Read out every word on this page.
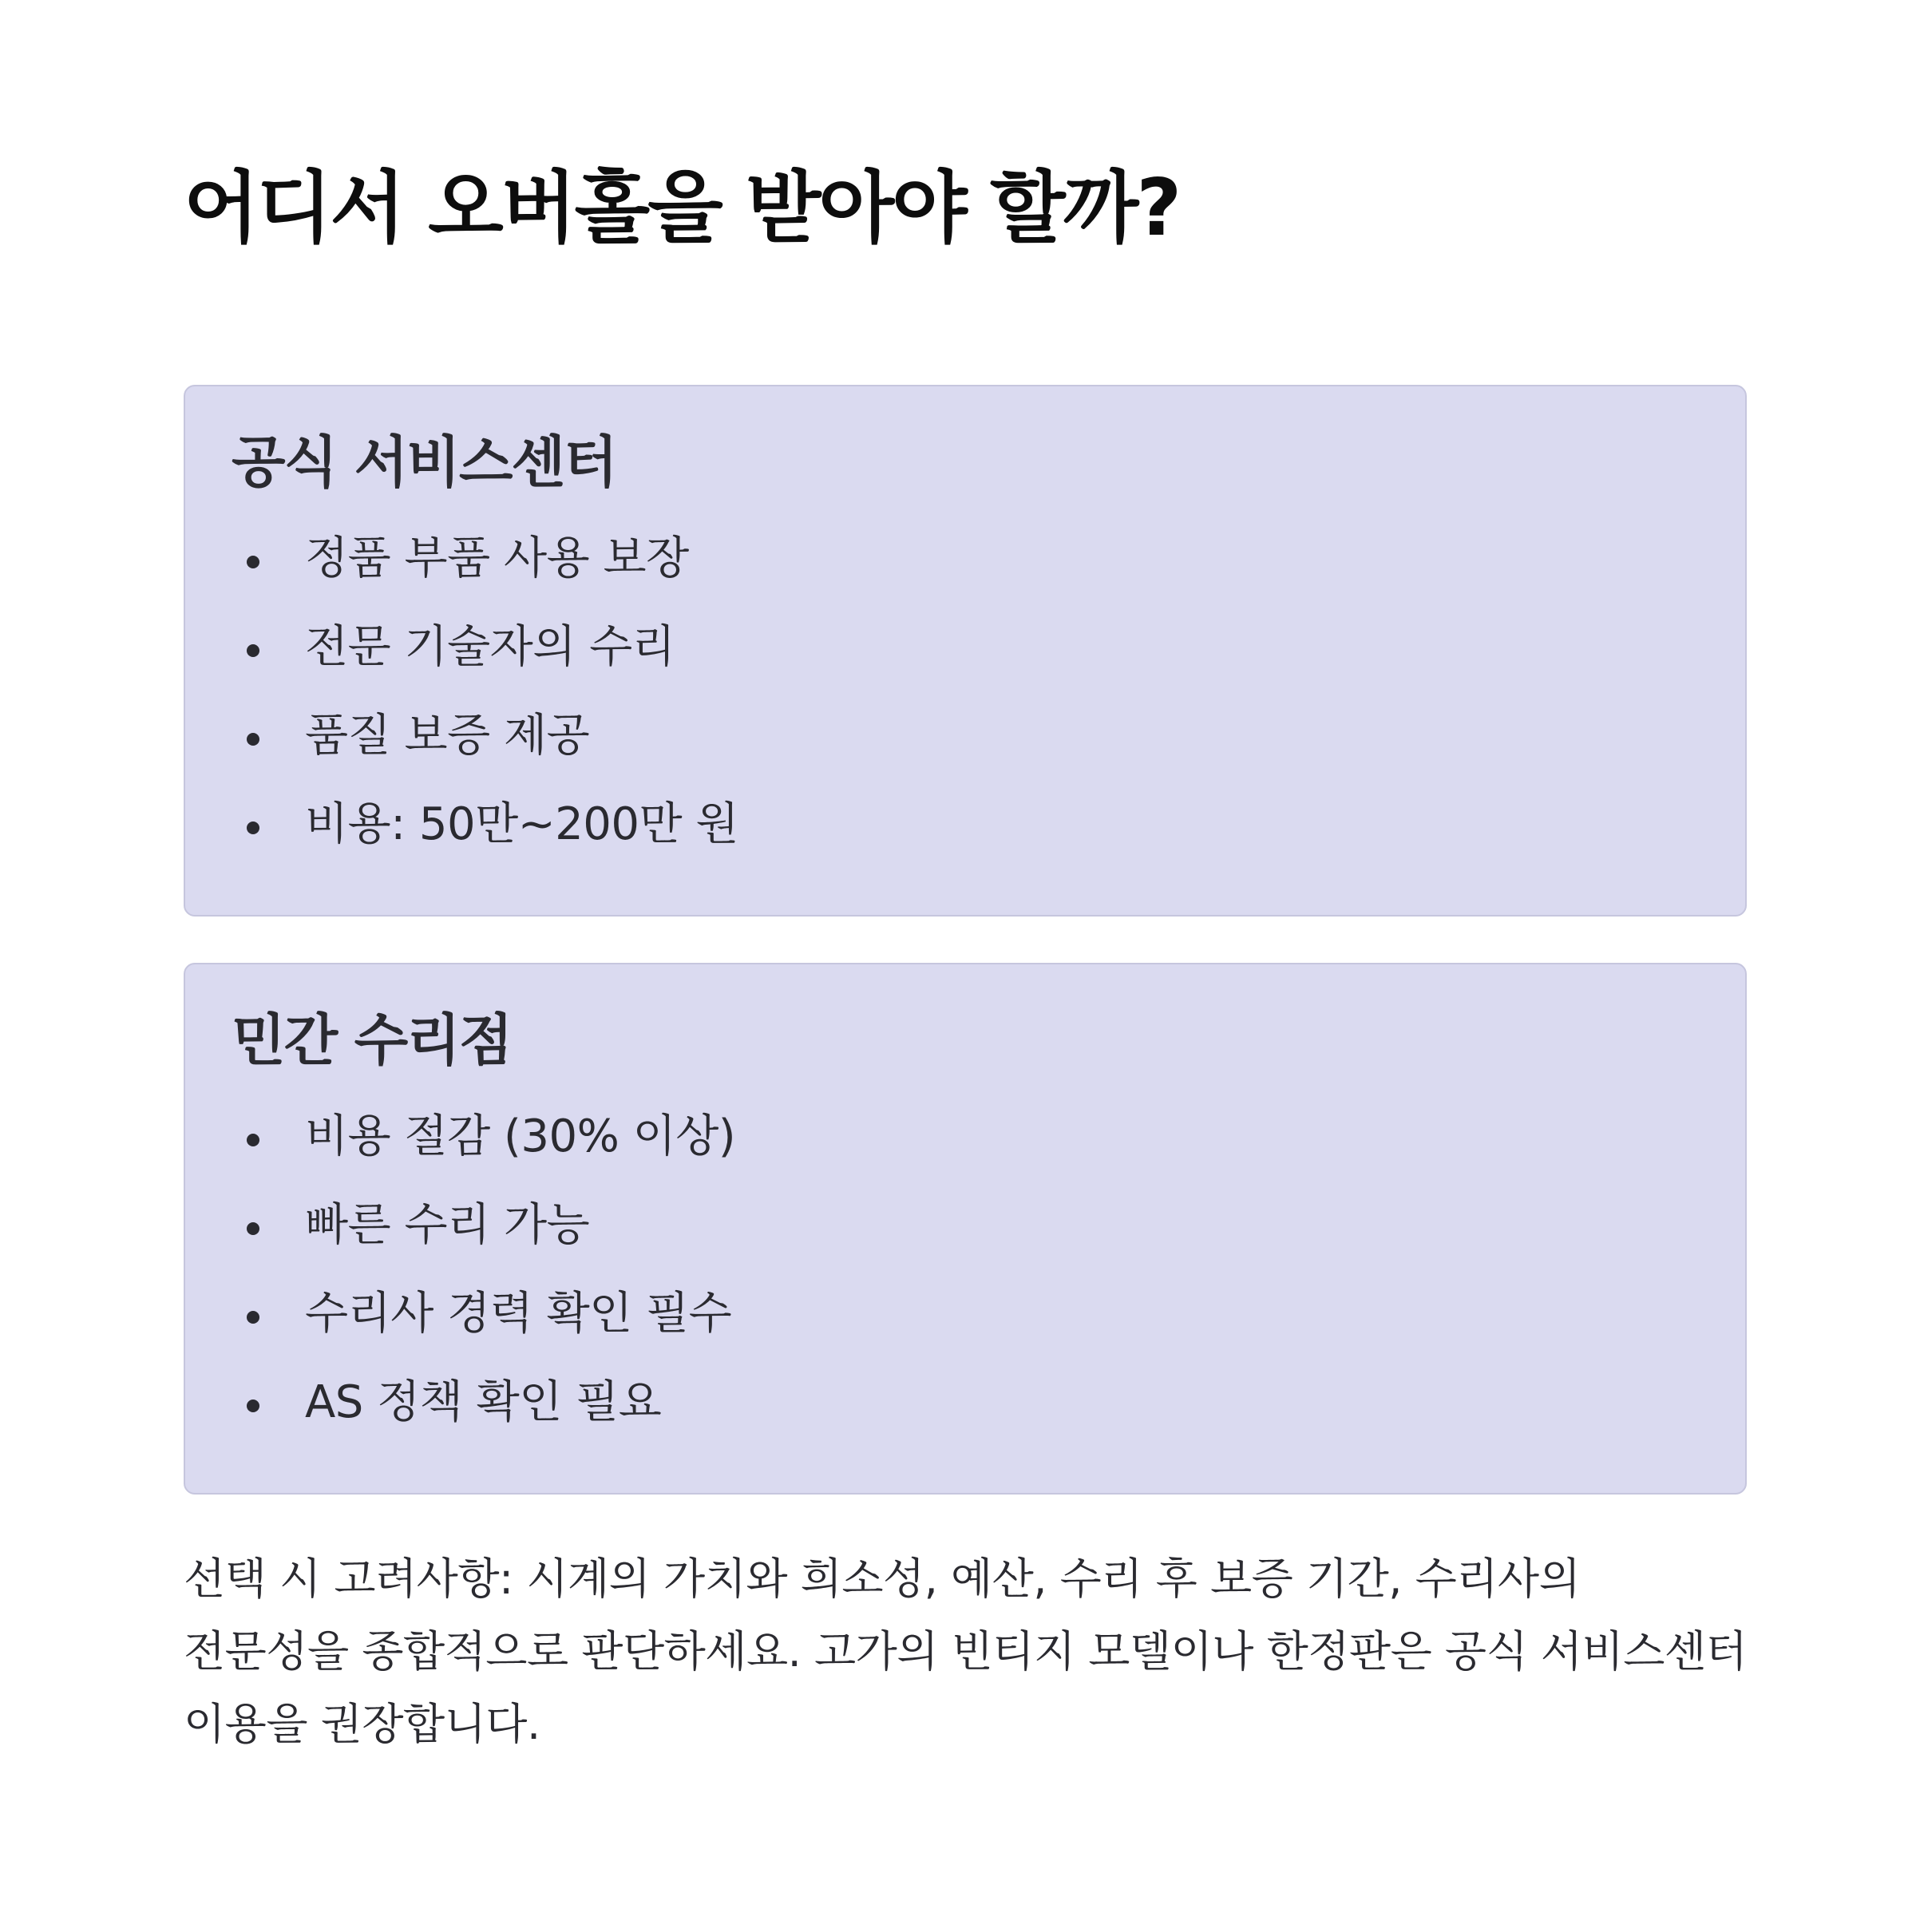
어디서 오버홀을 받아야 할까?
공식 서비스센터
정품 부품 사용 보장
전문 기술자의 수리
품질 보증 제공
비용: 50만~200만 원
민간 수리점
비용 절감 (30% 이상)
빠른 수리 가능
수리사 경력 확인 필수
AS 정책 확인 필요

선택 시 고려사항: 시계의 가치와 희소성, 예산, 수리 후 보증 기간, 수리사의 전문성을 종합적으로 판단하세요. 고가의 빈티지 모델이나 한정판은 공식 서비스센터 이용을 권장합니다.
